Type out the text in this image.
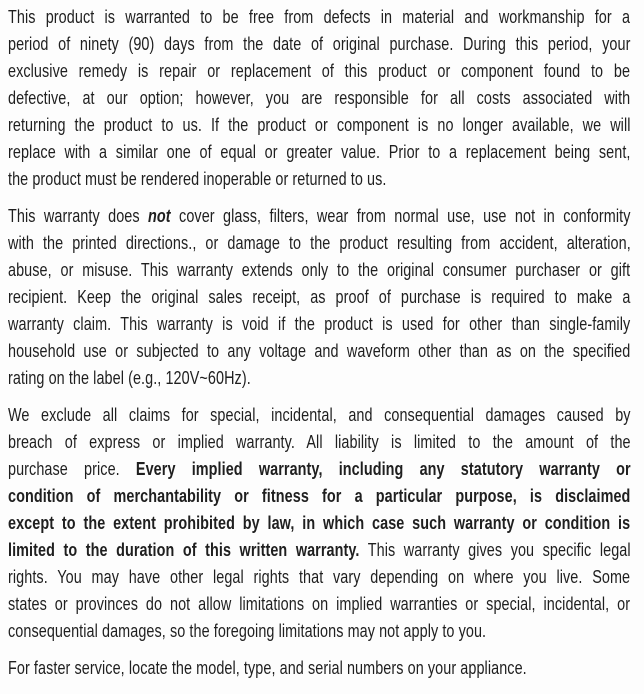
This product is warranted to be free from defects in material and workmanship for a
period of ninety (90) days from the date of original purchase. During this period, your
exclusive remedy is repair or replacement of this product or component found to be
defective, at our option; however, you are responsible for all costs associated with
returning the product to us. If the product or component is no longer available, we will
replace with a similar one of equal or greater value. Prior to a replacement being sent,
the product must be rendered inoperable or returned to us.
This warranty does not cover glass, filters, wear from normal use, use not in conformity
with the printed directions., or damage to the product resulting from accident, alteration,
abuse, or misuse. This warranty extends only to the original consumer purchaser or gift
recipient. Keep the original sales receipt, as proof of purchase is required to make a
warranty claim. This warranty is void if the product is used for other than single-family
household use or subjected to any voltage and waveform other than as on the specified
rating on the label (e.g., 120V~60Hz).
We exclude all claims for special, incidental, and consequential damages caused by
breach of express or implied warranty. All liability is limited to the amount of the
purchase price. Every implied warranty, including any statutory warranty or
condition of merchantability or fitness for a particular purpose, is disclaimed
except to the extent prohibited by law, in which case such warranty or condition is
limited to the duration of this written warranty. This warranty gives you specific legal
rights. You may have other legal rights that vary depending on where you live. Some
states or provinces do not allow limitations on implied warranties or special, incidental, or
consequential damages, so the foregoing limitations may not apply to you.
For faster service, locate the model, type, and serial numbers on your appliance.
